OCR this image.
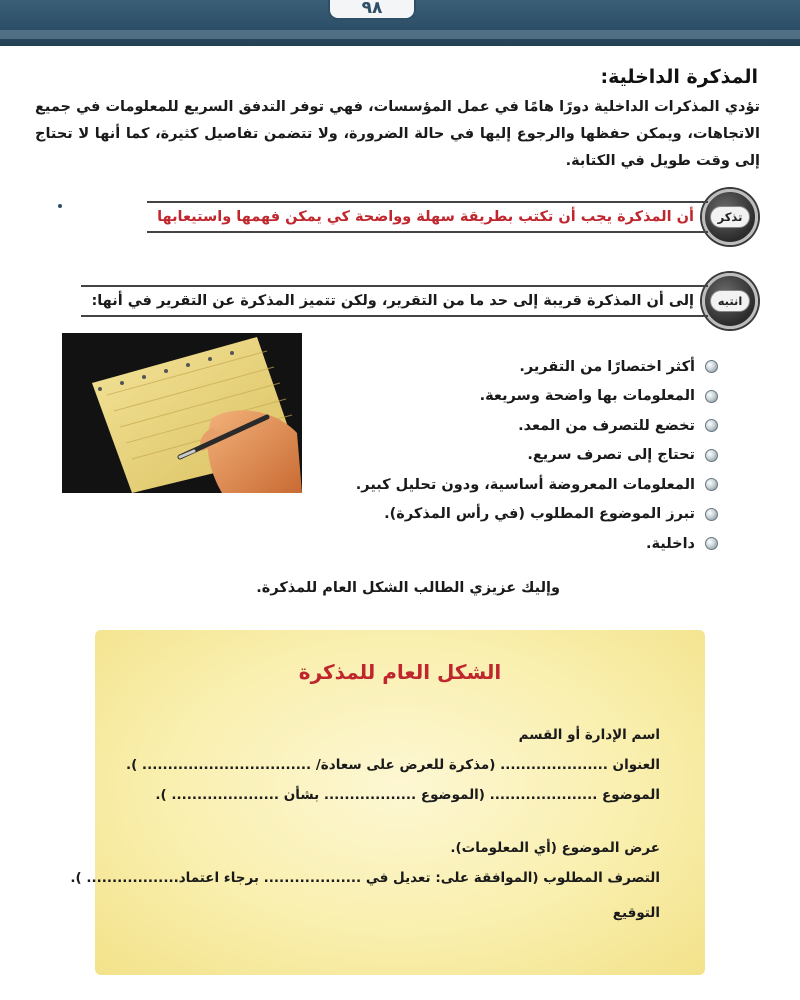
٩٨
المذكرة الداخلية:

تؤدي المذكرات الداخلية دورًا هامًا في عمل المؤسسات، فهي توفر التدفق السريع للمعلومات في جميع الاتجاهات، ويمكن حفظها والرجوع إليها في حالة الضرورة، ولا تتضمن تفاصيل كثيرة، كما أنها لا تحتاج إلى وقت طويل في الكتابة.

تذكر
أن المذكرة يجب أن تكتب بطريقة سهلة وواضحة كي يمكن فهمها واستيعابها
انتبه
إلى أن المذكرة قريبة إلى حد ما من التقرير، ولكن تتميز المذكرة عن التقرير في أنها:
أكثر اختصارًا من التقرير.
المعلومات بها واضحة وسريعة.
تخضع للتصرف من المعد.
تحتاج إلى تصرف سريع.
المعلومات المعروضة أساسية، ودون تحليل كبير.
تبرز الموضوع المطلوب (في رأس المذكرة).
داخلية.
وإليك عزيزي الطالب الشكل العام للمذكرة.
الشكل العام للمذكرة
اسم الإدارة أو القسم
العنوان ..................... (مذكرة للعرض على سعادة/ ................................. ).
الموضوع ..................... (الموضوع .................. بشأن ..................... ).
عرض الموضوع (أي المعلومات).
التصرف المطلوب (الموافقة على: تعديل في ................... برجاء اعتماد.................. ).
التوقيع
